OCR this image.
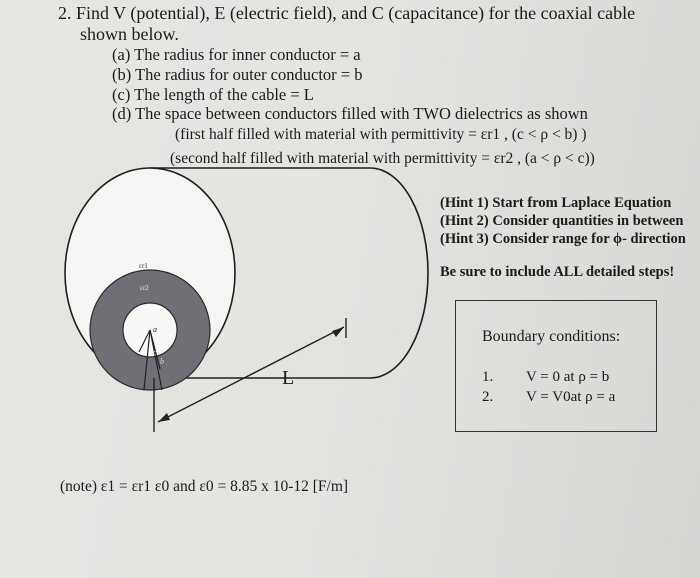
2. Find V (potential), E (electric field), and C (capacitance) for the coaxial cable
shown below.
(a) The radius for inner conductor = a
(b) The radius for outer conductor = b
(c) The length of the cable = L
(d) The space between conductors filled with TWO dielectrics as shown
(first half filled with material with permittivity = εr1 , (c < ρ < b) )
(second half filled with material with permittivity = εr2 , (a < ρ < c))
(Hint 1) Start from Laplace Equation
(Hint 2) Consider quantities in between
(Hint 3) Consider range for ϕ- direction
Be sure to include ALL detailed steps!
Boundary conditions:
1. V = 0 at ρ = b
2. V = V0at ρ = a
L
εr1
εr2
a
c
b
(note) ε1 = εr1 ε0 and ε0 = 8.85 x 10-12 [F/m]
